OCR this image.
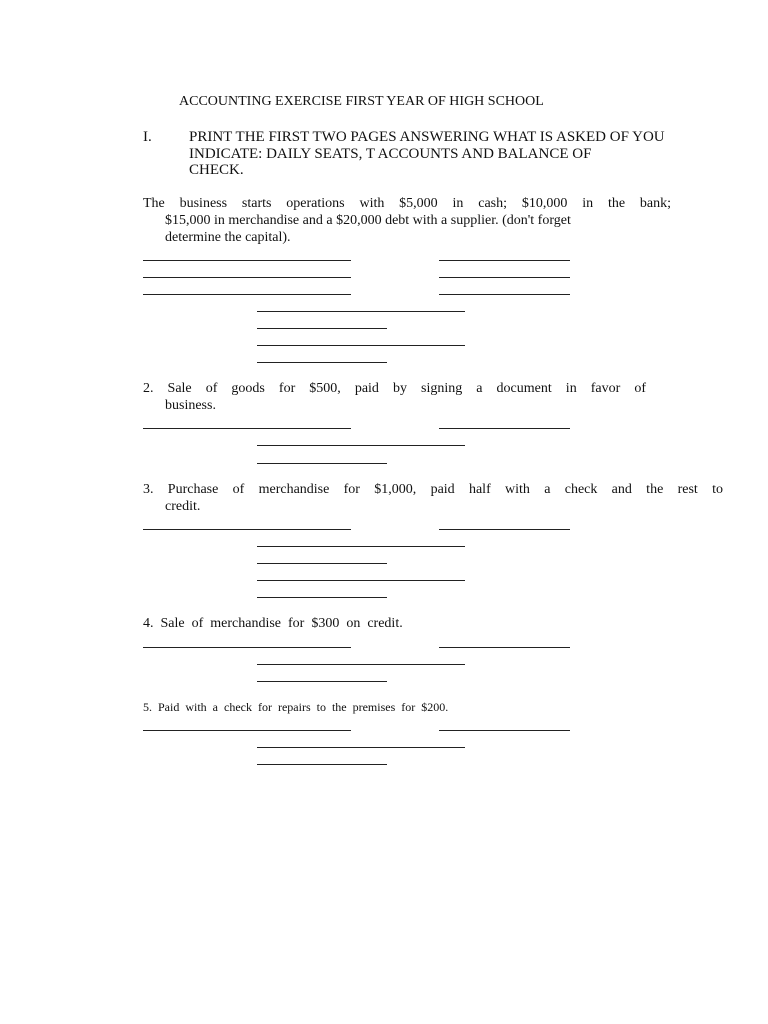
ACCOUNTING EXERCISE FIRST YEAR OF HIGH SCHOOL
I. PRINT THE FIRST TWO PAGES ANSWERING WHAT IS ASKED OF YOU
INDICATE: DAILY SEATS, T ACCOUNTS AND BALANCE OF
CHECK.
The business starts operations with $5,000 in cash; $10,000 in the bank;
$15,000 in merchandise and a $20,000 debt with a supplier. (don't forget
determine the capital).
2. Sale of goods for $500, paid by signing a document in favor of
business.
3. Purchase of merchandise for $1,000, paid half with a check and the rest to
credit.
4.  Sale  of  merchandise  for  $300  on  credit.
5.  Paid  with  a  check  for  repairs  to  the  premises  for  $200.
